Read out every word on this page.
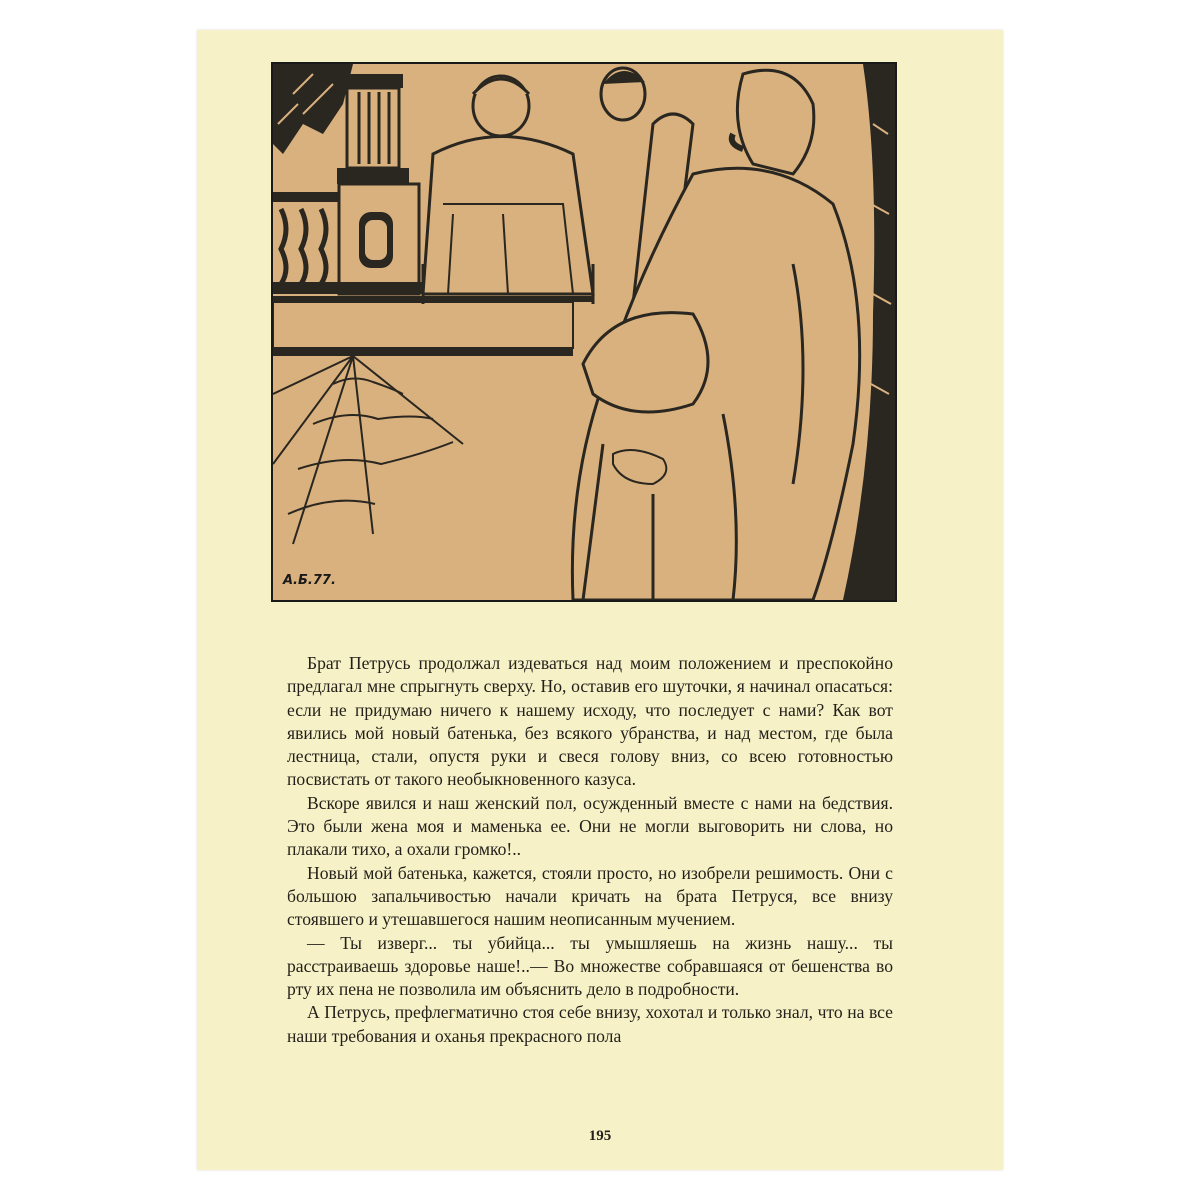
А.Б.77.

Брат Петрусь продолжал издеваться над моим положением и преспокойно предлагал мне спрыгнуть сверху. Но, оставив его шуточки, я начинал опасаться: если не придумаю ничего к нашему исходу, что последует с нами? Как вот явились мой новый батенька, без всякого убранства, и над местом, где была лестница, стали, опустя руки и свеся голову вниз, со всею готовностью посвистать от такого необыкновенного казуса.

Вскоре явился и наш женский пол, осужденный вместе с нами на бедствия. Это были жена моя и маменька ее. Они не могли выговорить ни слова, но плакали тихо, а охали громко!..

Новый мой батенька, кажется, стояли просто, но изобрели решимость. Они с большою запальчивостью начали кричать на брата Петруся, все внизу стоявшего и утешавшегося нашим неописанным мучением.

— Ты изверг... ты убийца... ты умышляешь на жизнь нашу... ты расстраиваешь здоровье наше!..— Во множестве собравшаяся от бешенства во рту их пена не позволила им объяснить дело в подробности.

А Петрусь, префлегматично стоя себе внизу, хохотал и только знал, что на все наши требования и оханья прекрасного пола

195
